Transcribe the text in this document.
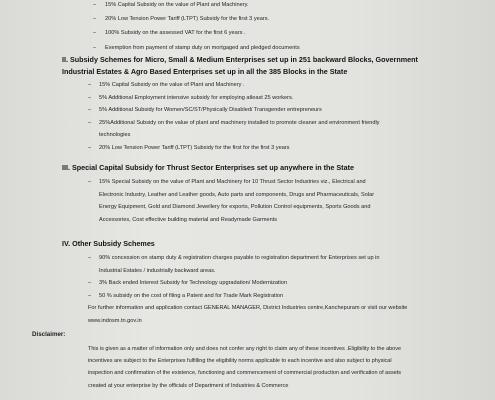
– 15% Capital Subsidy on the value of Plant and Machinery.
– 20% Low Tension Power Tariff (LTPT) Subsidy for the first 3 years.
– 100% Subsidy on the assessed VAT for the first 6 years .
– Exemption from payment of stamp duty on mortgaged and pledged documents
II. Subsidy Schemes for Micro, Small & Medium Enterprises set up in 251 backward Blocks, Government
Industrial Estates & Agro Based Enterprises set up in all the 385 Blocks in the State
– 15% Capital Subsidy on the value of Plant and Machinery .
– 5% Additional Employment intensive subsidy for employing atleast 25 workers.
– 5% Additional Subsidy for Women/SC/ST/Physically Disabled/ Transgender entrepreneurs
– 25%Additional Subsidy on the value of plant and machinery installed to promote cleaner and environment friendly
technologies
– 20% Low Tension Power Tariff (LTPT) Subsidy for the first for the first 3 years
III. Special Capital Subsidy for Thrust Sector Enterprises set up anywhere in the State
– 15% Special Subsidy on the value of Plant and Machinery for 10 Thrust Sector Industries viz., Electrical and
Electronic Industry, Leather and Leather goods, Auto parts and components, Drugs and Pharmaceuticals, Solar
Energy Equipment, Gold and Diamond Jewellery for exports, Pollution Control equipments, Sports Goods and
Accessories, Cost effective building material and Readymade Garments
IV. Other Subsidy Schemes
– 90% concession on stamp duty & registration charges payable to registration department for Enterprises set up in
Industrial Estates / industrially backward areas.
– 3% Back ended Interest Subsidy for Technology upgradation/ Modernization
– 50 % subsidy on the cost of filing a Patent and for Trade Mark Registration
For further information and application contact GENERAL MANAGER, District Industries centre,Kanchepuram or visit our website
www.indosm.tn.gov.in
Disclaimer:
This is given as a matter of information only and does not confer any right to claim any of these incentives .Eligibility to the above
incentives are subject to the Enterprises fulfilling the eligibility norms applicable to each incentive and also subject to physical
inspection and confirmation of the existence, functioning and commencement of commercial production and verification of assets
created at your enterprise by the officials of Department of Industries & Commerce
